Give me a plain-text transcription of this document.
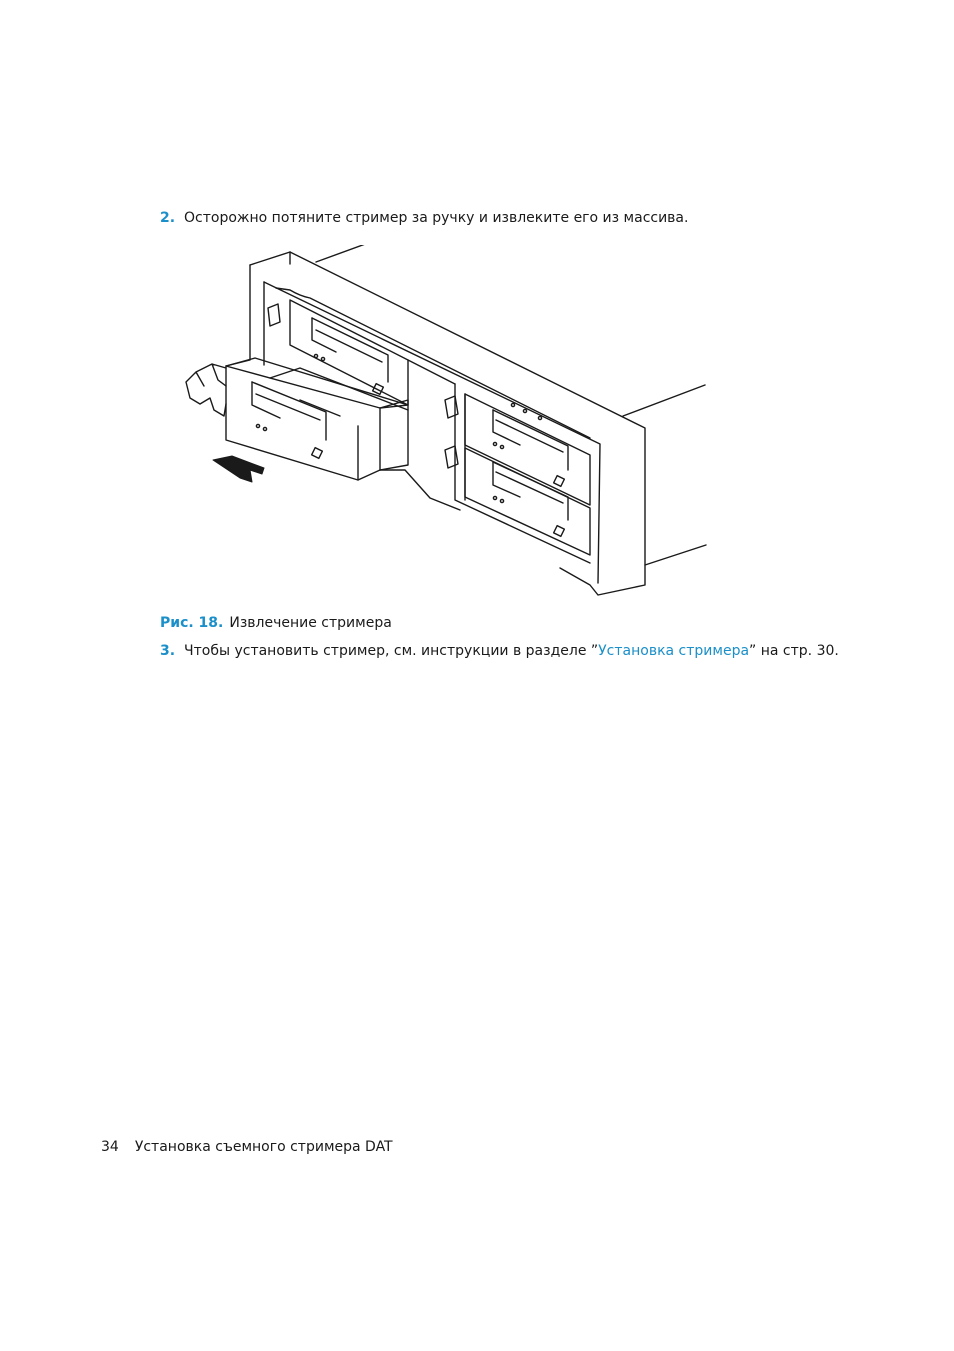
2. Осторожно потяните стример за ручку и извлеките его из массива.
Рис. 18. Извлечение стримера
3. Чтобы установить стример, см. инструкции в разделе ”Установка стримера” на стр. 30.
34 Установка съемного стримера DAT
